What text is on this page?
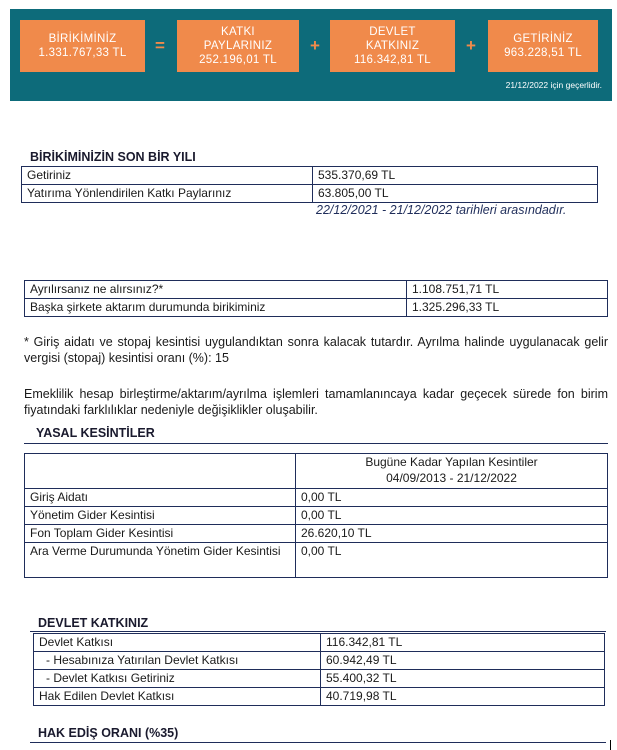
BİRİKİMİNİZ
1.331.767,33 TL	=
KATKI
PAYLARINIZ
252.196,01 TL
+
DEVLET
KATKINIZ
116.342,81 TL
+	GETİRİNİZ
963.228,51 TL
21/12/2022 için geçerlidir.
BİRİKİMİNİZİN SON BİR YILI
Getiriniz	535.370,69 TL
Yatırıma Yönlendirilen Katkı Paylarınız	63.805,00 TL
22/12/2021 - 21/12/2022 tarihleri arasındadır.
Ayrılırsanız ne alırsınız?*	1.108.751,71 TL
Başka şirkete aktarım durumunda birikiminiz	1.325.296,33 TL
* Giriş aidatı ve stopaj kesintisi uygulandıktan sonra kalacak tutardır. Ayrılma halinde uygulanacak gelir vergisi (stopaj) kesintisi oranı (%): 15
Emeklilik hesap birleştirme/aktarım/ayrılma işlemleri tamamlanıncaya kadar geçecek sürede fon birim fiyatındaki farklılıklar nedeniyle değişiklikler oluşabilir.
YASAL KESİNTİLER

	Bugüne Kadar Yapılan Kesintiler
04/09/2013 - 21/12/2022

Giriş Aidatı	0,00 TL
Yönetim Gider Kesintisi	0,00 TL
Fon Toplam Gider Kesintisi	26.620,10 TL
Ara Verme Durumunda Yönetim Gider Kesintisi	0,00 TL
DEVLET KATKINIZ
Devlet Katkısı	116.342,81 TL
- Hesabınıza Yatırılan Devlet Katkısı	60.942,49 TL
- Devlet Katkısı Getiriniz	55.400,32 TL
Hak Edilen Devlet Katkısı	40.719,98 TL
HAK EDİŞ ORANI (%35)
